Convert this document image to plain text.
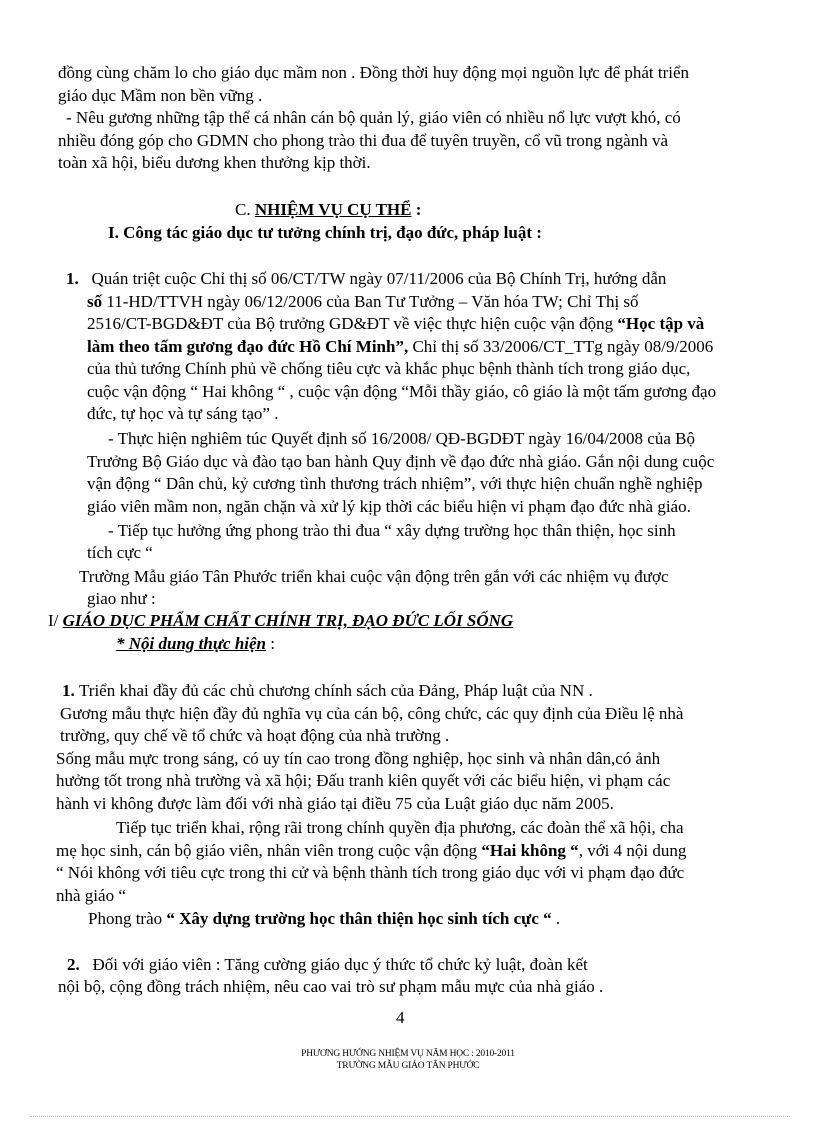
đồng cùng chăm lo cho giáo dục mầm non . Đồng thời huy động mọi nguồn lực để phát triển
giáo dục Mầm non bền vững .
- Nêu gương những tập thể cá nhân cán bộ quản lý, giáo viên có nhiều nổ lực vượt khó, có
nhiều đóng góp cho GDMN cho phong trào thi đua để tuyên truyền, cổ vũ trong ngành và
toàn xã hội, biểu dương khen thưởng kịp thời.
C. NHIỆM VỤ CỤ THỂ :
I. Công tác giáo dục tư tưởng chính trị, đạo đức, pháp luật :
1. Quán triệt cuộc Chỉ thị số 06/CT/TW ngày 07/11/2006 của Bộ Chính Trị, hướng dẫn
số 11-HD/TTVH ngày 06/12/2006 của Ban Tư Tưởng – Văn hóa TW; Chỉ Thị số
2516/CT-BGD&ĐT của Bộ trưởng GD&ĐT về việc thực hiện cuộc vận động “Học tập và
làm theo tấm gương đạo đức Hồ Chí Minh”, Chỉ thị số 33/2006/CT_TTg ngày 08/9/2006
của thủ tướng Chính phủ về chống tiêu cực và khắc phục bệnh thành tích trong giáo dục,
cuộc vận động “ Hai không “ , cuộc vận động “Mỗi thầy giáo, cô giáo là một tấm gương đạo
đức, tự học và tự sáng tạo” .
- Thực hiện nghiêm túc Quyết định số 16/2008/ QĐ-BGDĐT ngày 16/04/2008 của Bộ
Trưởng Bộ Giáo dục và đào tạo ban hành Quy định về đạo đức nhà giáo. Gắn nội dung cuộc
vận động “ Dân chủ, kỷ cương tình thương trách nhiệm”, với thực hiện chuẩn nghề nghiệp
giáo viên mầm non, ngăn chặn và xử lý kịp thời các biểu hiện vi phạm đạo đức nhà giáo.
- Tiếp tục hưởng ứng phong trào thi đua “ xây dựng trường học thân thiện, học sinh
tích cực “
Trường Mẫu giáo Tân Phước triển khai cuộc vận động trên gắn với các nhiệm vụ được
giao như :
I/ GIÁO DỤC PHẨM CHẤT CHÍNH TRỊ, ĐẠO ĐỨC LỐI SỐNG
* Nội dung thực hiện :
1. Triển khai đầy đủ các chủ chương chính sách của Đảng, Pháp luật của NN .
Gương mẫu thực hiện đầy đủ nghĩa vụ của cán bộ, công chức, các quy định của Điều lệ nhà
trường, quy chế về tổ chức và hoạt động của nhà trường .
Sống mẫu mực trong sáng, có uy tín cao trong đồng nghiệp, học sinh và nhân dân,có ảnh
hưởng tốt trong nhà trường và xã hội; Đấu tranh kiên quyết với các biểu hiện, vi phạm các
hành vi không được làm đối với nhà giáo tại điều 75 của Luật giáo dục năm 2005.
Tiếp tục triển khai, rộng rãi trong chính quyền địa phương, các đoàn thể xã hội, cha
mẹ học sinh, cán bộ giáo viên, nhân viên trong cuộc vận động “Hai không “, với 4 nội dung
“ Nói không với tiêu cực trong thi cử và bệnh thành tích trong giáo dục với vi phạm đạo đức
nhà giáo “
Phong trào “ Xây dựng trường học thân thiện học sinh tích cực “ .
2. Đối với giáo viên : Tăng cường giáo dục ý thức tổ chức kỷ luật, đoàn kết
nội bộ, cộng đồng trách nhiệm, nêu cao vai trò sư phạm mẫu mực của nhà giáo .
4
PHƯƠNG HƯỚNG NHIỆM VỤ NĂM HỌC : 2010-2011
TRƯỜNG MẪU GIÁO TÂN PHƯỚC
